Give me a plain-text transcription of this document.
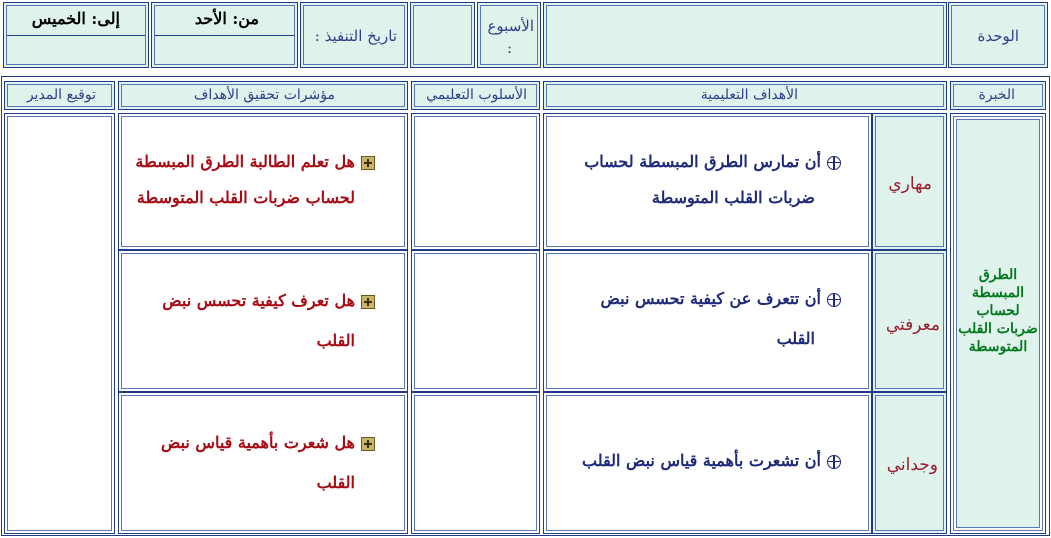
الوحدة
الأسبوع
:
تاريخ التنفيذ :
من: الأحد
إلى: الخميس
الخبرة
الأهداف التعليمية
الأسلوب التعليمي
مؤشرات تحقيق الأهداف
توقيع المدير
الطرق
المبسطة
لحساب
ضربات القلب
المتوسطة
مهاري
معرفتي
وجداني
أن تمارس الطرق المبسطة لحساب
ضربات القلب المتوسطة
أن تتعرف عن كيفية تحسس نبض
القلب
أن تشعرت بأهمية قياس نبض القلب
هل تعلم الطالبة الطرق المبسطة
لحساب ضربات القلب المتوسطة
هل تعرف كيفية تحسس نبض
القلب
هل شعرت بأهمية قياس نبض
القلب
